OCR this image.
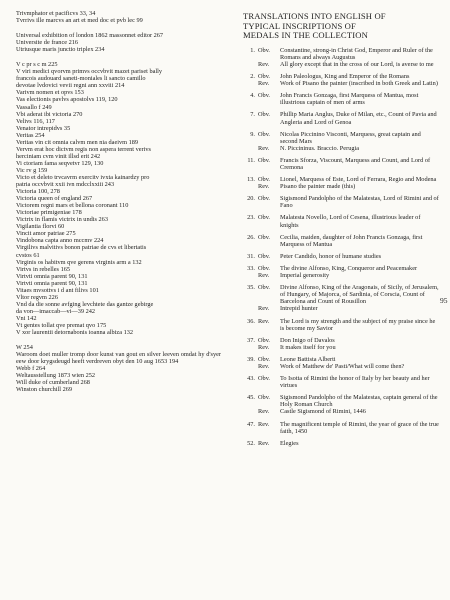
Trivmphator et pacificvs 33, 34
Tvrrivs ille marcvs an art et med doc et pvb lec 99
Universal exhibition of london 1862 massonnet editor 267
Universite de france 216
Utriusque maris junctio triplex 234
V c pr s c m 225
V viri medici qvorvm primvs occvbvit mazet pariset bally
francois audouard saneti-moniales li sancto camillo
devotae lvdovici vevii regni ann xxviii 214
Varivm nomen et opvs 153
Vas electionis pavlvs apostolvs 119, 120
Vassallo f 249
Vbi aderat ibi victoria 270
Velivs 116, 117
Venator intrepidvs 35
Veritas 254
Veritas vin cit omnia calvm men nia daeivm 189
Vervm erat hoc dictvm regis non aspera terrent verivs
herciniam cvm vinit illsd erit 242
Vi ctoriam fama seqvetvr 129, 130
Vic rv g 159
Victo et deleto trvcavrm exercitv ivxta kainardzy pro
patria occvbvit xxii ivn mdcclxxiii 243
Victoria 100, 278
Victoria queen of england 267
Victorem regni mars et bellona coronant 110
Victoriae primigeniae 178
Victrix in flamis victrix in undis 263
Vigilantia florvi 60
Vincit amor patriae 275
Vindobona capta anno mccmv 224
Virgilivs malvitivs bonon patriae de cvs et libertatis
cvstos 61
Virginis os habitvm qve gerens virginis arm a 132
Virtvs in rebelles 165
Virtvti omnia parent 90, 131
Virtvti omnia parent 90, 131
Vitaes mvsottvs i d ant filivs 101
Vltor regvm 226
Vnd da die sonne avfging levchtete das gantze gebirge
da von—imaccab—vi—39 242
Vni 142
Vt gentes tollat qve premat qvo 175
V xor laurentii detornabonis ioanna albiza 132
W 254
Waroom doet muller tromp door kunst van gout en silver leeven omdat hy d'syer eew door krygsdeugd heeft verdreven obyt den 10 aug 1653 194
Webb f 264
Weltausstellung 1873 wien 252
Will duke of cumberland 268
Winston churchill 269
TRANSLATIONS INTO ENGLISH OF
TYPICAL INSCRIPTIONS OF
MEDALS IN THE COLLECTION
1. Obv.	Constantine, strong-in Christ God, Emperor and Ruler of the Romans and always Augustus
Rev.	All glory except that in the cross of our Lord, is averse to me
2. Obv.	John Paleologus, King and Emperor of the Romans
Rev.	Work of Pisano the painter (inscribed in both Greek and Latin)
4. Obv.	John Francis Gonzaga, first Marquess of Mantua, most illustrious captain of men of arms
7. Obv.	Phillip Maria Anglus, Duke of Milan, etc., Count of Pavia and Angleria and Lord of Genoa
9. Obv.	Nicolas Piccinino Visconti, Marquess, great captain and second Mars
Rev.	N. Piccininus. Braccio. Perugia
11. Obv.	Francis Sforza, Viscount, Marquess and Count, and Lord of Cremona
13. Obv.	Lionel, Marquess of Este, Lord of Ferrara, Regio and Modena
Rev.	Pisano the painter made (this)
20. Obv.	Sigismond Pandolpho of the Malatestas, Lord of Rimini and of Fano
23. Obv.	Malatesta Novello, Lord of Cesena, illustrious leader of knights
26. Obv.	Cecilia, maiden, daughter of John Francis Gonzaga, first Marquess of Mantua
31. Obv.	Peter Candido, honor of humane studies
33. Obv.	The divine Alfonso, King, Conqueror and Peacemaker
Rev.	Imperial generosity
35. Obv.	Divine Alfonso, King of the Aragonais, of Sicily, of Jerusalem, of Hungary, of Majorca, of Sardinia, of Corscia, Count of Barcelona and Count of Rousillon
Rev.	Intrepid hunter
36. Rev.	The Lord is my strength and the subject of my praise since he is become my Savior
37. Obv.	Don Inigo of Davalos
Rev.	It makes itself for you
39. Obv.	Leone Battista Alberti
Rev.	Work of Matthew de' Pasti/What will come then?
43. Obv.	To Isotta of Rimini the honor of Italy by her beauty and her virtues
45. Obv.	Sigismond Pandolpho of the Malatestas, captain general of the Holy Roman Church
Rev.	Castle Sigismond of Rimini, 1446
47. Rev.	The magnificent temple of Rimini, the year of grace of the true faith, 1450
52. Rev.	Elegies
95
